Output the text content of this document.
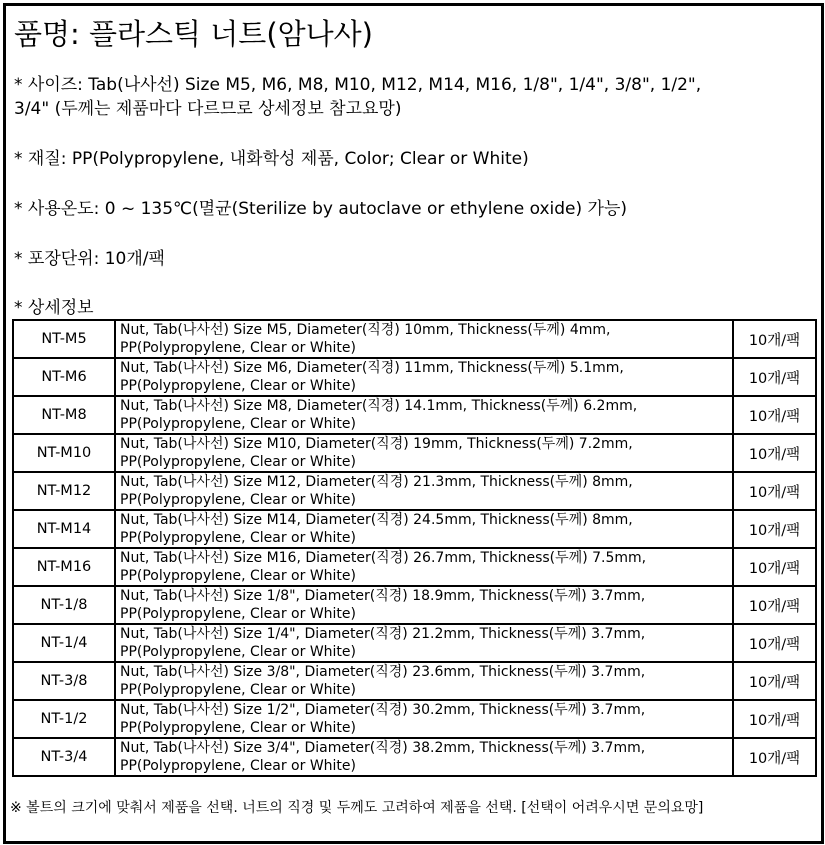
품명: 플라스틱 너트(암나사)
* 사이즈: Tab(나사선) Size M5, M6, M8, M10, M12, M14, M16, 1/8", 1/4", 3/8", 1/2",
3/4" (두께는 제품마다 다르므로 상세정보 참고요망)
* 재질: PP(Polypropylene, 내화학성 제품, Color; Clear or White)
* 사용온도: 0 ~ 135℃(멸균(Sterilize by autoclave or ethylene oxide) 가능)
* 포장단위: 10개/팩
* 상세정보
NT-M5	Nut, Tab(나사선) Size M5, Diameter(직경) 10mm, Thickness(두께) 4mm,
PP(Polypropylene, Clear or White)	10개/팩
NT-M6	Nut, Tab(나사선) Size M6, Diameter(직경) 11mm, Thickness(두께) 5.1mm,
PP(Polypropylene, Clear or White)	10개/팩
NT-M8	Nut, Tab(나사선) Size M8, Diameter(직경) 14.1mm, Thickness(두께) 6.2mm,
PP(Polypropylene, Clear or White)	10개/팩
NT-M10	Nut, Tab(나사선) Size M10, Diameter(직경) 19mm, Thickness(두께) 7.2mm,
PP(Polypropylene, Clear or White)	10개/팩
NT-M12	Nut, Tab(나사선) Size M12, Diameter(직경) 21.3mm, Thickness(두께) 8mm,
PP(Polypropylene, Clear or White)	10개/팩
NT-M14	Nut, Tab(나사선) Size M14, Diameter(직경) 24.5mm, Thickness(두께) 8mm,
PP(Polypropylene, Clear or White)	10개/팩
NT-M16	Nut, Tab(나사선) Size M16, Diameter(직경) 26.7mm, Thickness(두께) 7.5mm,
PP(Polypropylene, Clear or White)	10개/팩
NT-1/8	Nut, Tab(나사선) Size 1/8", Diameter(직경) 18.9mm, Thickness(두께) 3.7mm,
PP(Polypropylene, Clear or White)	10개/팩
NT-1/4	Nut, Tab(나사선) Size 1/4", Diameter(직경) 21.2mm, Thickness(두께) 3.7mm,
PP(Polypropylene, Clear or White)	10개/팩
NT-3/8	Nut, Tab(나사선) Size 3/8", Diameter(직경) 23.6mm, Thickness(두께) 3.7mm,
PP(Polypropylene, Clear or White)	10개/팩
NT-1/2	Nut, Tab(나사선) Size 1/2", Diameter(직경) 30.2mm, Thickness(두께) 3.7mm,
PP(Polypropylene, Clear or White)	10개/팩
NT-3/4	Nut, Tab(나사선) Size 3/4", Diameter(직경) 38.2mm, Thickness(두께) 3.7mm,
PP(Polypropylene, Clear or White)	10개/팩
※ 볼트의 크기에 맞춰서 제품을 선택. 너트의 직경 및 두께도 고려하여 제품을 선택. [선택이 어려우시면 문의요망]
